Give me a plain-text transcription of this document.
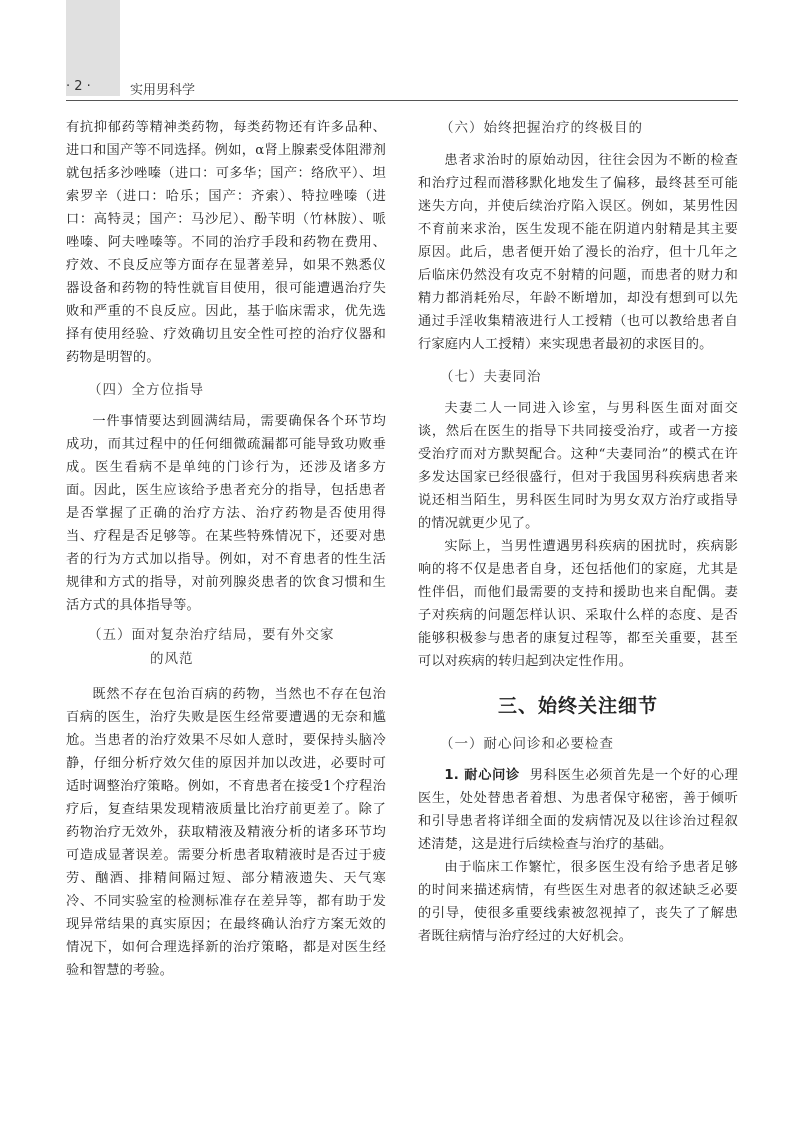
· 2 ·	实用男科学

有抗抑郁药等精神类药物，每类药物还有许多品种、进口和国产等不同选择。例如，α肾上腺素受体阻滞剂就包括多沙唑嗪（进口：可多华；国产：络欣平）、坦索罗辛（进口：哈乐；国产：齐索）、特拉唑嗪（进口：高特灵；国产：马沙尼）、酚苄明（竹林胺）、哌唑嗪、阿夫唑嗪等。不同的治疗手段和药物在费用、疗效、不良反应等方面存在显著差异，如果不熟悉仪器设备和药物的特性就盲目使用，很可能遭遇治疗失败和严重的不良反应。因此，基于临床需求，优先选择有使用经验、疗效确切且安全性可控的治疗仪器和药物是明智的。

（四）全方位指导

一件事情要达到圆满结局，需要确保各个环节均成功，而其过程中的任何细微疏漏都可能导致功败垂成。医生看病不是单纯的门诊行为，还涉及诸多方面。因此，医生应该给予患者充分的指导，包括患者是否掌握了正确的治疗方法、治疗药物是否使用得当、疗程是否足够等。在某些特殊情况下，还要对患者的行为方式加以指导。例如，对不育患者的性生活规律和方式的指导，对前列腺炎患者的饮食习惯和生活方式的具体指导等。

（五）面对复杂治疗结局，要有外交家
的风范

既然不存在包治百病的药物，当然也不存在包治百病的医生，治疗失败是医生经常要遭遇的无奈和尴尬。当患者的治疗效果不尽如人意时，要保持头脑冷静，仔细分析疗效欠佳的原因并加以改进，必要时可适时调整治疗策略。例如，不育患者在接受1个疗程治疗后，复查结果发现精液质量比治疗前更差了。除了药物治疗无效外，获取精液及精液分析的诸多环节均可造成显著误差。需要分析患者取精液时是否过于疲劳、酗酒、排精间隔过短、部分精液遗失、天气寒冷、不同实验室的检测标准存在差异等，都有助于发现异常结果的真实原因；在最终确认治疗方案无效的情况下，如何合理选择新的治疗策略，都是对医生经验和智慧的考验。

（六）始终把握治疗的终极目的

患者求治时的原始动因，往往会因为不断的检查和治疗过程而潜移默化地发生了偏移，最终甚至可能迷失方向，并使后续治疗陷入误区。例如，某男性因不育前来求治，医生发现不能在阴道内射精是其主要原因。此后，患者便开始了漫长的治疗，但十几年之后临床仍然没有攻克不射精的问题，而患者的财力和精力都消耗殆尽，年龄不断增加，却没有想到可以先通过手淫收集精液进行人工授精（也可以教给患者自行家庭内人工授精）来实现患者最初的求医目的。

（七）夫妻同治

夫妻二人一同进入诊室，与男科医生面对面交谈，然后在医生的指导下共同接受治疗，或者一方接受治疗而对方默契配合。这种“夫妻同治”的模式在许多发达国家已经很盛行，但对于我国男科疾病患者来说还相当陌生，男科医生同时为男女双方治疗或指导的情况就更少见了。

实际上，当男性遭遇男科疾病的困扰时，疾病影响的将不仅是患者自身，还包括他们的家庭，尤其是性伴侣，而他们最需要的支持和援助也来自配偶。妻子对疾病的问题怎样认识、采取什么样的态度、是否能够积极参与患者的康复过程等，都至关重要，甚至可以对疾病的转归起到决定性作用。

三、始终关注细节
（一）耐心问诊和必要检查

1. 耐心问诊 男科医生必须首先是一个好的心理医生，处处替患者着想、为患者保守秘密，善于倾听和引导患者将详细全面的发病情况及以往诊治过程叙述清楚，这是进行后续检查与治疗的基础。

由于临床工作繁忙，很多医生没有给予患者足够的时间来描述病情，有些医生对患者的叙述缺乏必要的引导，使很多重要线索被忽视掉了，丧失了了解患者既往病情与治疗经过的大好机会。
